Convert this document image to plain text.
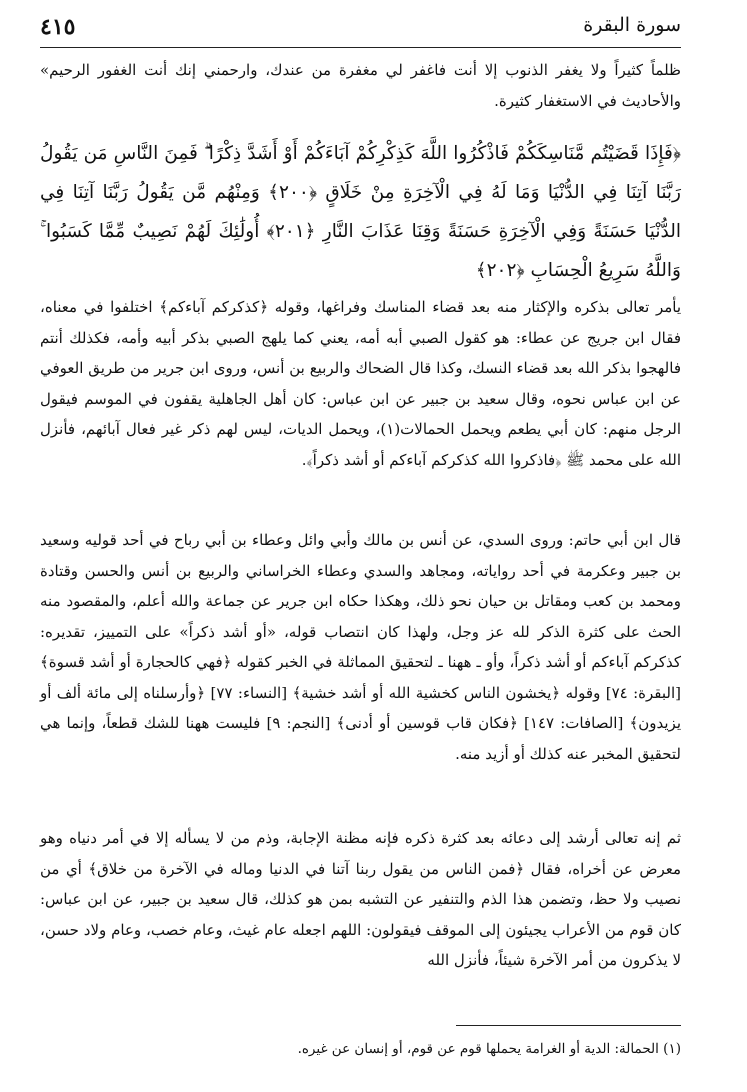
سورة البقرة
٤١٥
ظلماً كثيراً ولا يغفر الذنوب إلا أنت فاغفر لي مغفرة من عندك، وارحمني إنك أنت الغفور الرحيم» والأحاديث في الاستغفار كثيرة.
﴿فَإِذَا قَضَيْتُم مَّنَاسِكَكُمْ فَاذْكُرُوا اللَّهَ كَذِكْرِكُمْ آبَاءَكُمْ أَوْ أَشَدَّ ذِكْرًا ۗ فَمِنَ النَّاسِ مَن يَقُولُ رَبَّنَا آتِنَا فِي الدُّنْيَا وَمَا لَهُ فِي الْآخِرَةِ مِنْ خَلَاقٍ ﴿٢٠٠﴾ وَمِنْهُم مَّن يَقُولُ رَبَّنَا آتِنَا فِي الدُّنْيَا حَسَنَةً وَفِي الْآخِرَةِ حَسَنَةً وَقِنَا عَذَابَ النَّارِ ﴿٢٠١﴾ أُولَٰئِكَ لَهُمْ نَصِيبٌ مِّمَّا كَسَبُوا ۚ وَاللَّهُ سَرِيعُ الْحِسَابِ ﴿٢٠٢﴾
يأمر تعالى بذكره والإكثار منه بعد قضاء المناسك وفراغها، وقوله ﴿كذكركم آباءكم﴾ اختلفوا في معناه، فقال ابن جريج عن عطاء: هو كقول الصبي أبه أمه، يعني كما يلهج الصبي بذكر أبيه وأمه، فكذلك أنتم فالهجوا بذكر الله بعد قضاء النسك، وكذا قال الضحاك والربيع بن أنس، وروى ابن جرير من طريق العوفي عن ابن عباس نحوه، وقال سعيد بن جبير عن ابن عباس: كان أهل الجاهلية يقفون في الموسم فيقول الرجل منهم: كان أبي يطعم ويحمل الحمالات(١)، ويحمل الديات، ليس لهم ذكر غير فعال آبائهم، فأنزل الله على محمد ﷺ ﴿فاذكروا الله كذكركم آباءكم أو أشد ذكراً﴾.
قال ابن أبي حاتم: وروى السدي، عن أنس بن مالك وأبي وائل وعطاء بن أبي رباح في أحد قوليه وسعيد بن جبير وعكرمة في أحد رواياته، ومجاهد والسدي وعطاء الخراساني والربيع بن أنس والحسن وقتادة ومحمد بن كعب ومقاتل بن حيان نحو ذلك، وهكذا حكاه ابن جرير عن جماعة والله أعلم، والمقصود منه الحث على كثرة الذكر لله عز وجل، ولهذا كان انتصاب قوله، «أو أشد ذكراً» على التمييز، تقديره: كذكركم آباءكم أو أشد ذكراً، وأو ـ ههنا ـ لتحقيق المماثلة في الخبر كقوله ﴿فهي كالحجارة أو أشد قسوة﴾ [البقرة: ٧٤] وقوله ﴿يخشون الناس كخشية الله أو أشد خشية﴾ [النساء: ٧٧] ﴿وأرسلناه إلى مائة ألف أو يزيدون﴾ [الصافات: ١٤٧] ﴿فكان قاب قوسين أو أدنى﴾ [النجم: ٩] فليست ههنا للشك قطعاً، وإنما هي لتحقيق المخبر عنه كذلك أو أزيد منه.
ثم إنه تعالى أرشد إلى دعائه بعد كثرة ذكره فإنه مظنة الإجابة، وذم من لا يسأله إلا في أمر دنياه وهو معرض عن أخراه، فقال ﴿فمن الناس من يقول ربنا آتنا في الدنيا وماله في الآخرة من خلاق﴾ أي من نصيب ولا حظ، وتضمن هذا الذم والتنفير عن التشبه بمن هو كذلك، قال سعيد بن جبير، عن ابن عباس: كان قوم من الأعراب يجيئون إلى الموقف فيقولون: اللهم اجعله عام غيث، وعام خصب، وعام ولاد حسن، لا يذكرون من أمر الآخرة شيئاً، فأنزل الله
(١) الحمالة: الدية أو الغرامة يحملها قوم عن قوم، أو إنسان عن غيره.
